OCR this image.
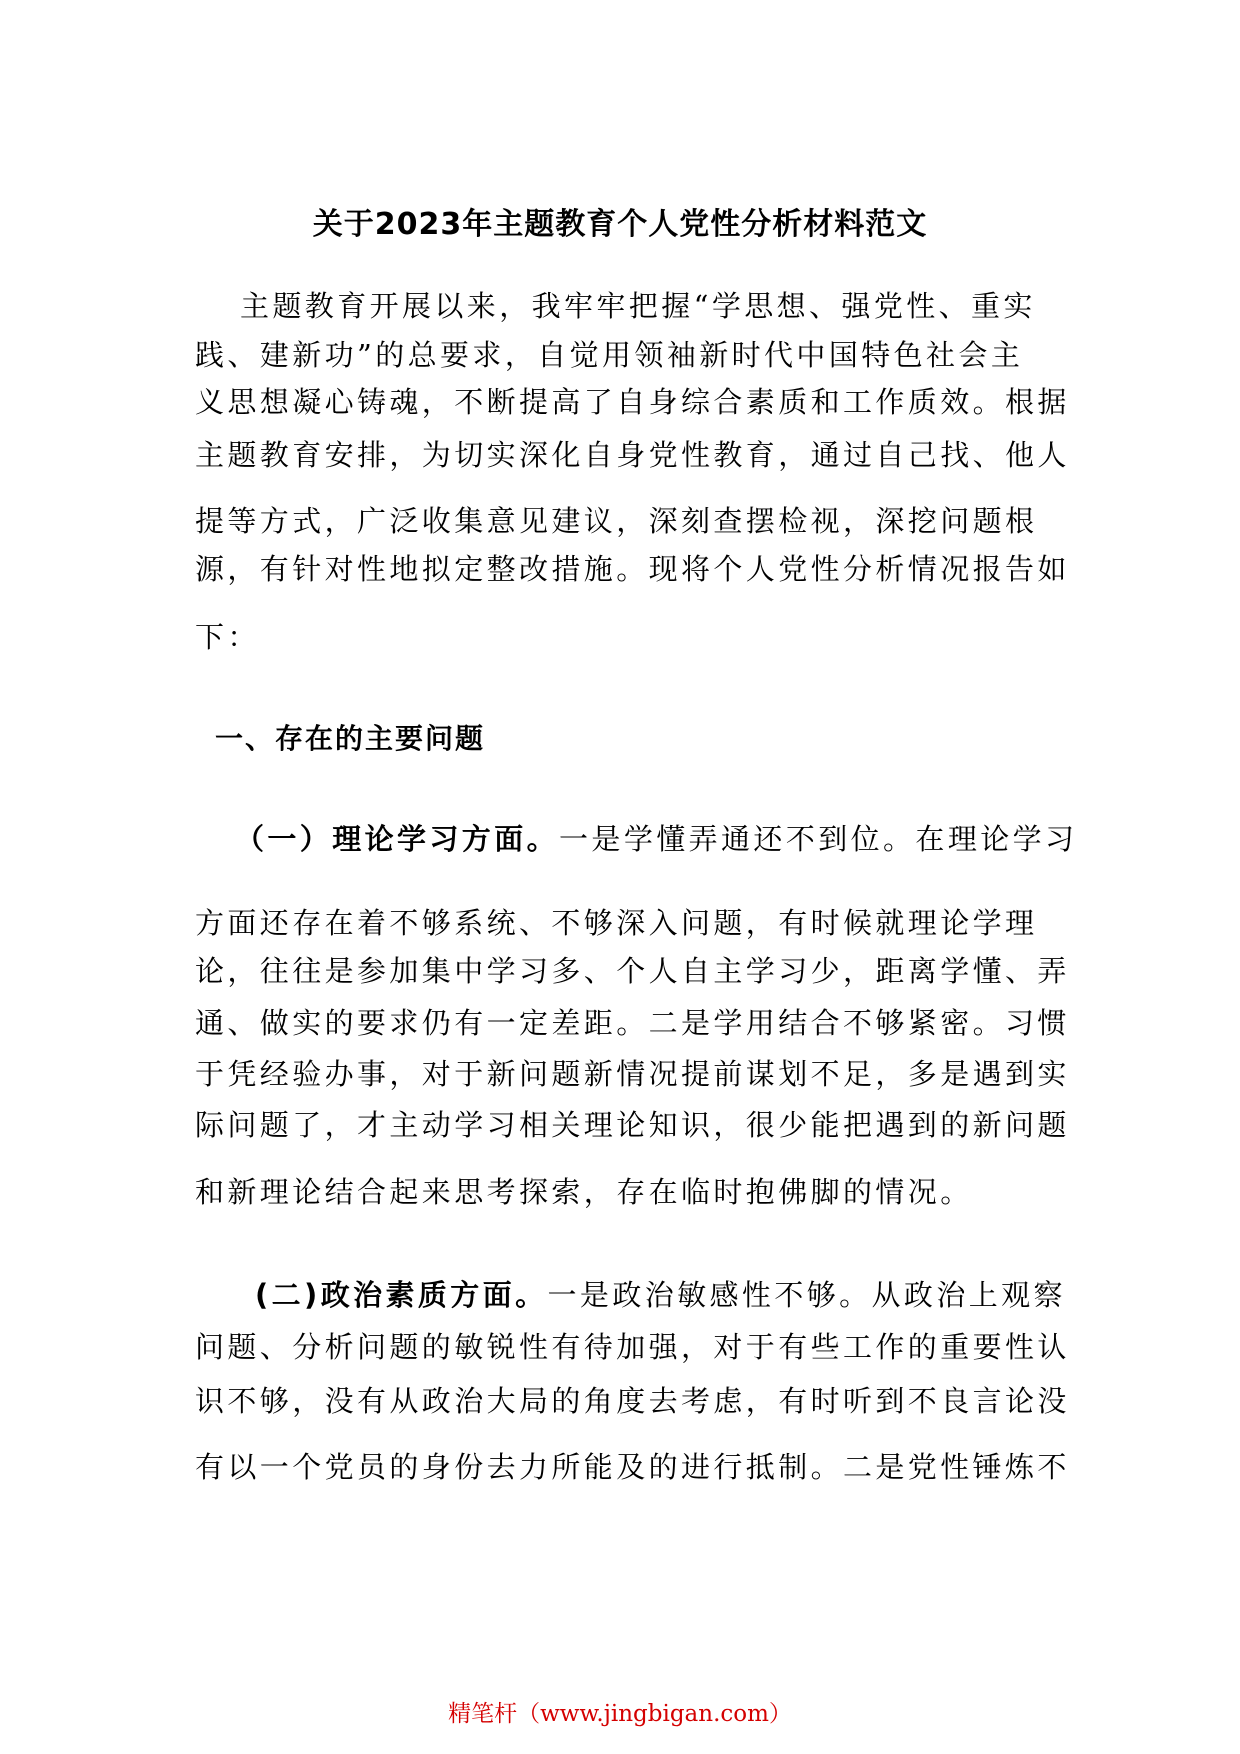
关于2023年主题教育个人党性分析材料范文

主题教育开展以来，我牢牢把握“学思想、强党性、重实

践、建新功”的总要求，自觉用领袖新时代中国特色社会主

义思想凝心铸魂，不断提高了自身综合素质和工作质效。根据

主题教育安排，为切实深化自身党性教育，通过自己找、他人

提等方式，广泛收集意见建议，深刻查摆检视，深挖问题根

源，有针对性地拟定整改措施。现将个人党性分析情况报告如

下：

一、存在的主要问题

（一）理论学习方面。一是学懂弄通还不到位。在理论学习

方面还存在着不够系统、不够深入问题，有时候就理论学理

论，往往是参加集中学习多、个人自主学习少，距离学懂、弄

通、做实的要求仍有一定差距。二是学用结合不够紧密。习惯

于凭经验办事，对于新问题新情况提前谋划不足，多是遇到实

际问题了，才主动学习相关理论知识，很少能把遇到的新问题

和新理论结合起来思考探索，存在临时抱佛脚的情况。

(二)政治素质方面。一是政治敏感性不够。从政治上观察

问题、分析问题的敏锐性有待加强，对于有些工作的重要性认

识不够，没有从政治大局的角度去考虑，有时听到不良言论没

有以一个党员的身份去力所能及的进行抵制。二是党性锤炼不

精笔杆（www.jingbigan.com）
